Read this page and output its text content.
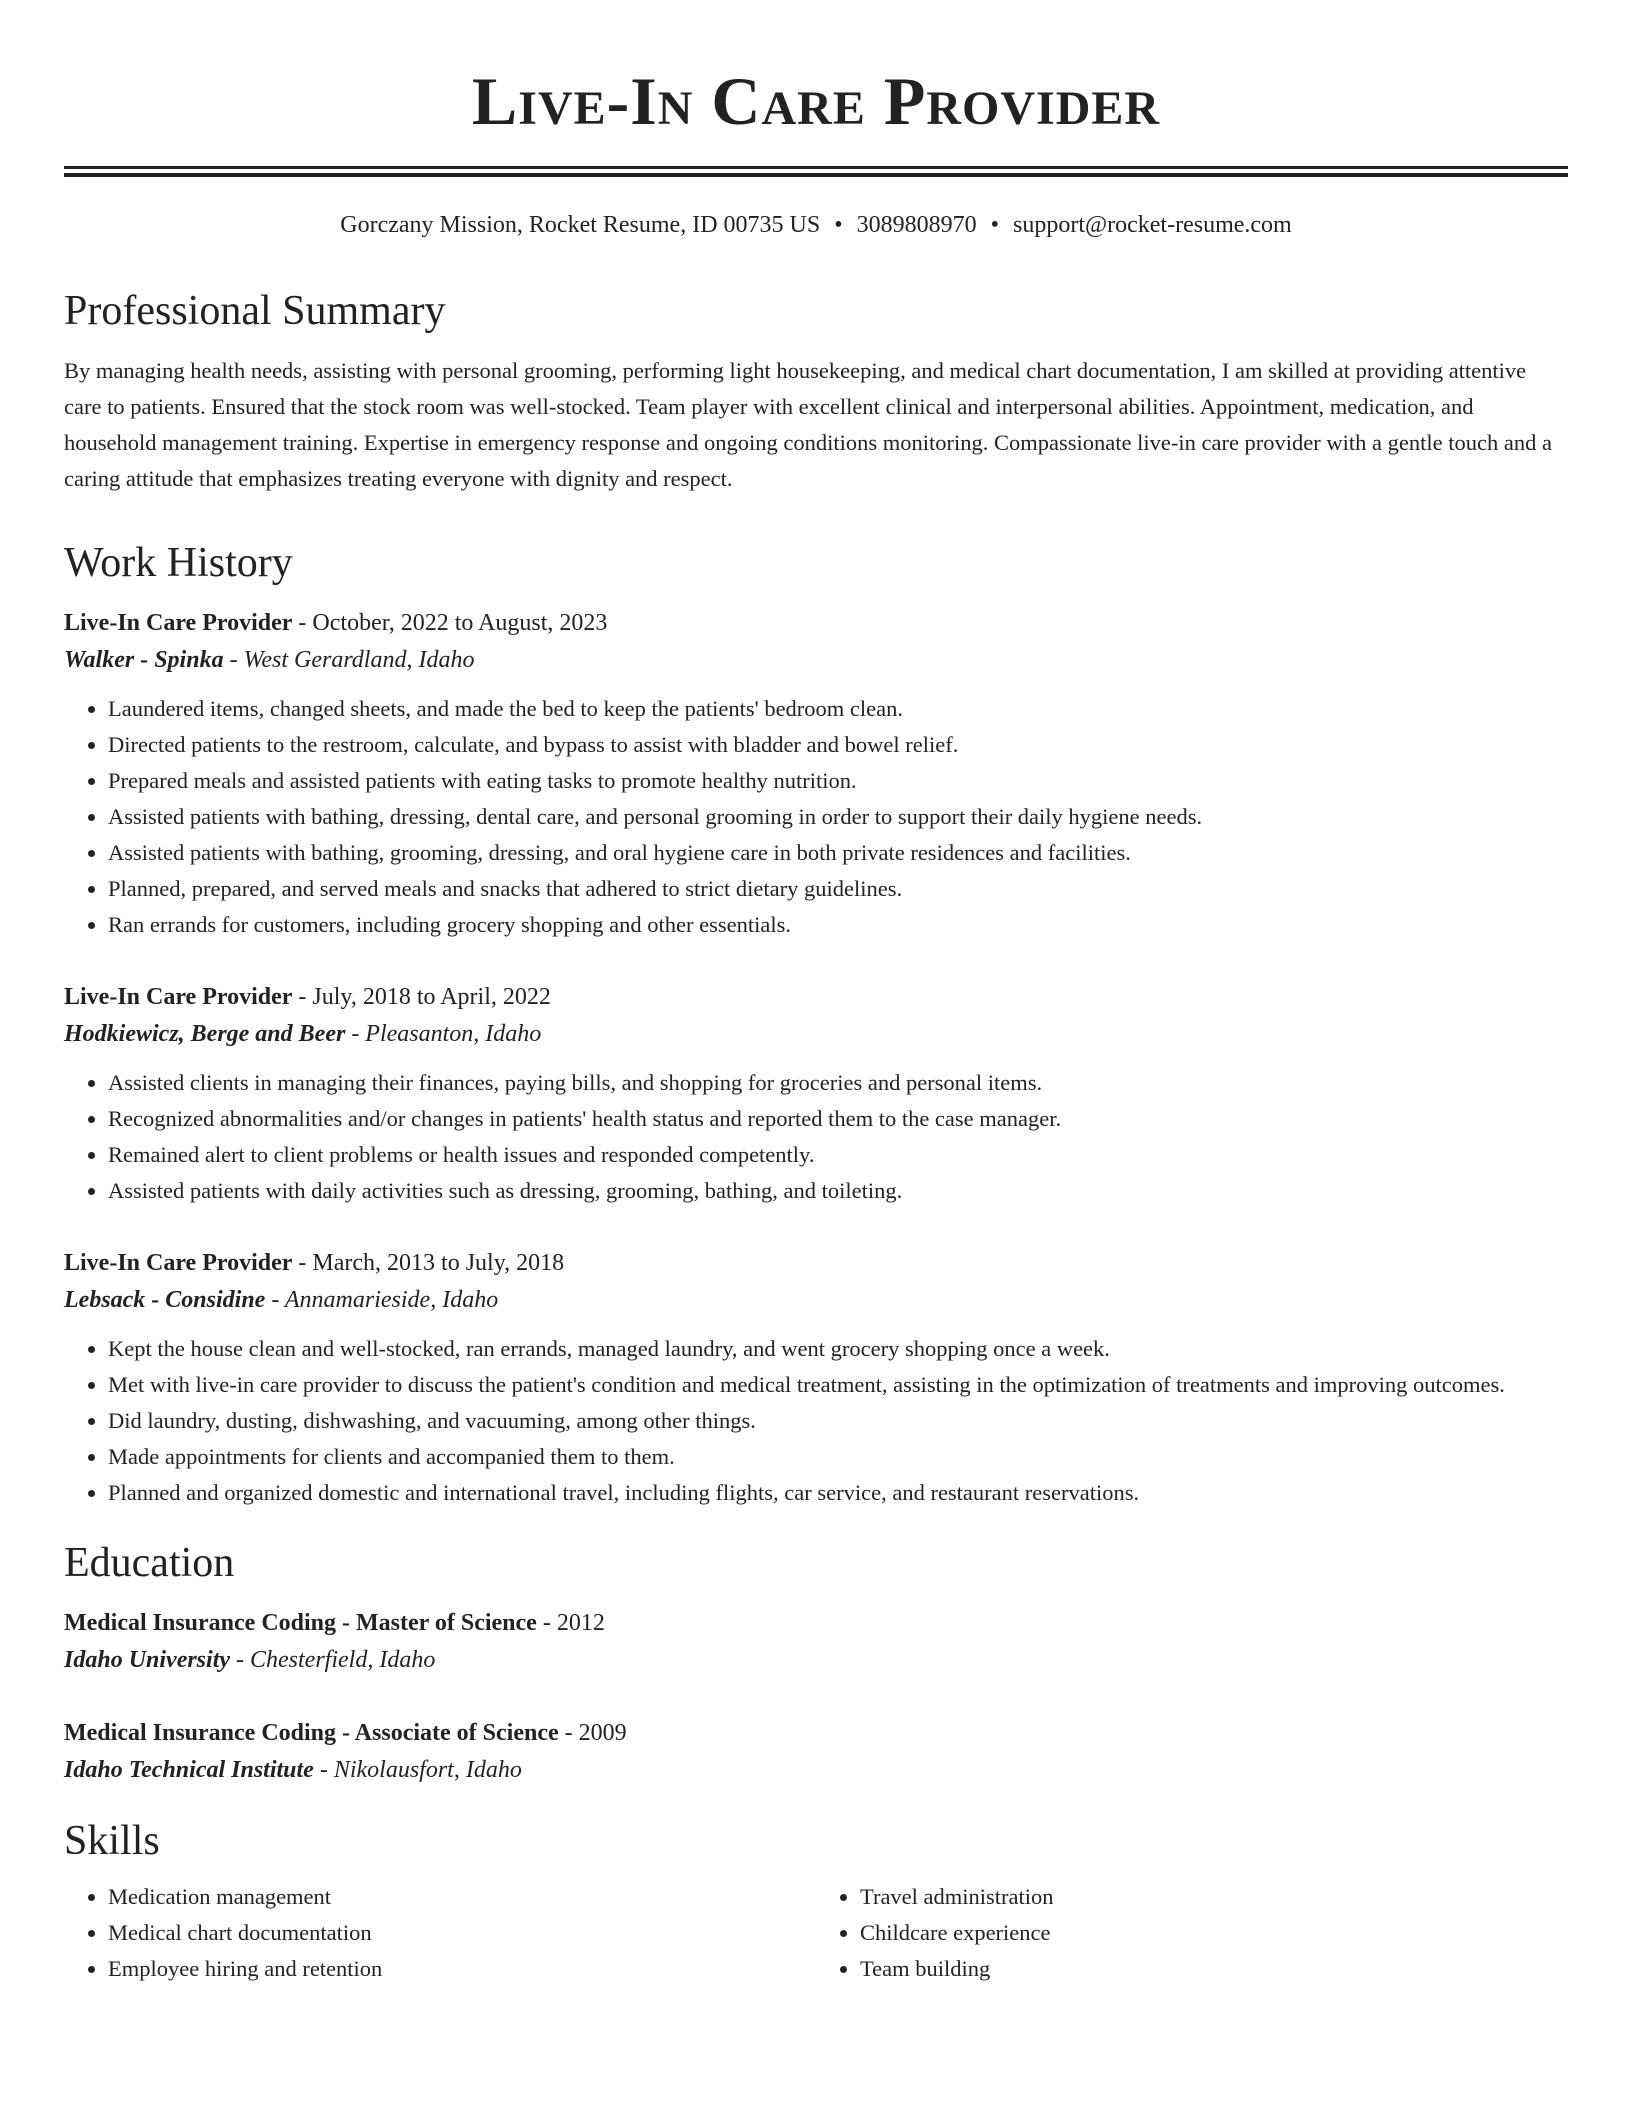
Live-In Care Provider
Gorczany Mission, Rocket Resume, ID 00735 US • 3089808970 • support@rocket-resume.com
Professional Summary
By managing health needs, assisting with personal grooming, performing light housekeeping, and medical chart documentation, I am skilled at providing attentive care to patients. Ensured that the stock room was well-stocked. Team player with excellent clinical and interpersonal abilities. Appointment, medication, and household management training. Expertise in emergency response and ongoing conditions monitoring. Compassionate live-in care provider with a gentle touch and a caring attitude that emphasizes treating everyone with dignity and respect.
Work History
Live-In Care Provider - October, 2022 to August, 2023
Walker - Spinka - West Gerardland, Idaho
• Laundered items, changed sheets, and made the bed to keep the patients' bedroom clean.
• Directed patients to the restroom, calculate, and bypass to assist with bladder and bowel relief.
• Prepared meals and assisted patients with eating tasks to promote healthy nutrition.
• Assisted patients with bathing, dressing, dental care, and personal grooming in order to support their daily hygiene needs.
• Assisted patients with bathing, grooming, dressing, and oral hygiene care in both private residences and facilities.
• Planned, prepared, and served meals and snacks that adhered to strict dietary guidelines.
• Ran errands for customers, including grocery shopping and other essentials.
Live-In Care Provider - July, 2018 to April, 2022
Hodkiewicz, Berge and Beer - Pleasanton, Idaho
• Assisted clients in managing their finances, paying bills, and shopping for groceries and personal items.
• Recognized abnormalities and/or changes in patients' health status and reported them to the case manager.
• Remained alert to client problems or health issues and responded competently.
• Assisted patients with daily activities such as dressing, grooming, bathing, and toileting.
Live-In Care Provider - March, 2013 to July, 2018
Lebsack - Considine - Annamarieside, Idaho
• Kept the house clean and well-stocked, ran errands, managed laundry, and went grocery shopping once a week.
• Met with live-in care provider to discuss the patient's condition and medical treatment, assisting in the optimization of treatments and improving outcomes.
• Did laundry, dusting, dishwashing, and vacuuming, among other things.
• Made appointments for clients and accompanied them to them.
• Planned and organized domestic and international travel, including flights, car service, and restaurant reservations.
Education
Medical Insurance Coding - Master of Science - 2012
Idaho University - Chesterfield, Idaho
Medical Insurance Coding - Associate of Science - 2009
Idaho Technical Institute - Nikolausfort, Idaho
Skills
• Medication management
• Medical chart documentation
• Employee hiring and retention
• Travel administration
• Childcare experience
• Team building
